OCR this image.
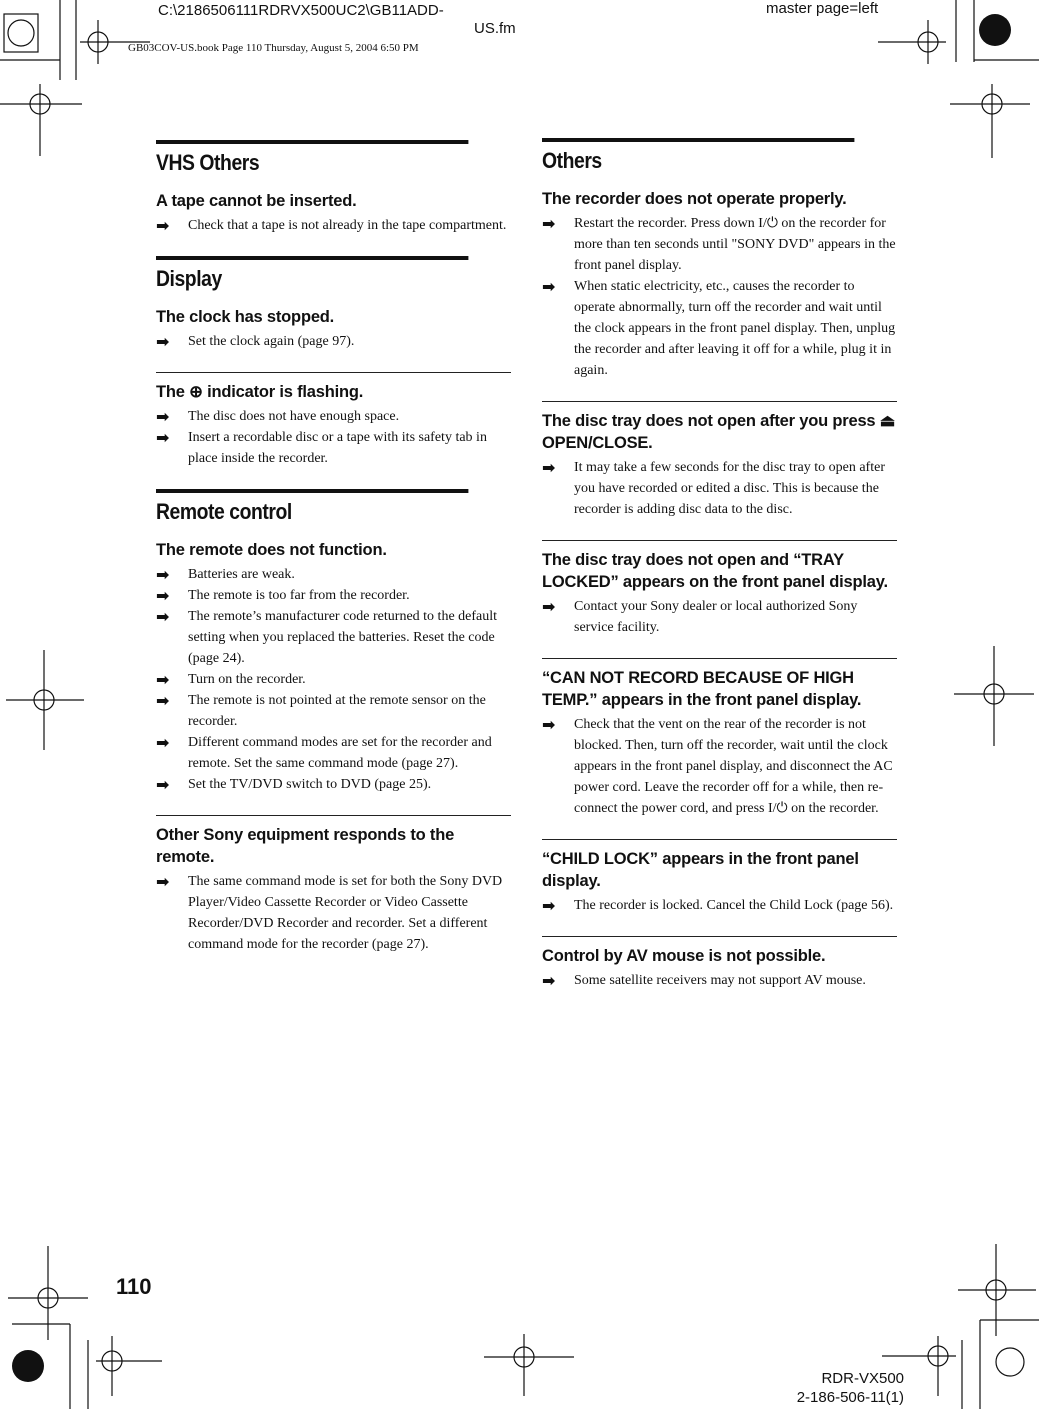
C:\2186506111RDRVX500UC2\GB11ADD-
US.fm
master page=left
GB03COV-US.book Page 110 Thursday, August 5, 2004 6:50 PM
VHS Others

A tape cannot be inserted.

➡ Check that a tape is not already in the tape compartment.

Display

The clock has stopped.

➡ Set the clock again (page 97).

The ⊕ indicator is flashing.

➡ The disc does not have enough space.

➡ Insert a recordable disc or a tape with its safety tab in place inside the recorder.

Remote control

The remote does not function.

➡ Batteries are weak.

➡ The remote is too far from the recorder.

➡ The remote’s manufacturer code returned to the default setting when you replaced the batteries. Reset the code (page 24).

➡ Turn on the recorder.

➡ The remote is not pointed at the remote sensor on the recorder.

➡ Different command modes are set for the recorder and remote. Set the same command mode (page 27).

➡ Set the TV/DVD switch to DVD (page 25).

Other Sony equipment responds to the remote.

➡ The same command mode is set for both the Sony DVD Player/Video Cassette Recorder or Video Cassette Recorder/DVD Recorder and recorder. Set a different command mode for the recorder (page 27).

Others

The recorder does not operate properly.

➡ Restart the recorder. Press down I/⏻ on the recorder for more than ten seconds until "SONY DVD" appears in the front panel display.

➡ When static electricity, etc., causes the recorder to operate abnormally, turn off the recorder and wait until the clock appears in the front panel display. Then, unplug the recorder and after leaving it off for a while, plug it in again.

The disc tray does not open after you press ⏏ OPEN/CLOSE.

➡ It may take a few seconds for the disc tray to open after you have recorded or edited a disc. This is because the recorder is adding disc data to the disc.

The disc tray does not open and “TRAY LOCKED” appears on the front panel display.

➡ Contact your Sony dealer or local authorized Sony service facility.

“CAN NOT RECORD BECAUSE OF HIGH TEMP.” appears in the front panel display.

➡ Check that the vent on the rear of the recorder is not blocked. Then, turn off the recorder, wait until the clock appears in the front panel display, and disconnect the AC power cord. Leave the recorder off for a while, then re-connect the power cord, and press I/⏻ on the recorder.

“CHILD LOCK” appears in the front panel display.

➡ The recorder is locked. Cancel the Child Lock (page 56).

Control by AV mouse is not possible.

➡ Some satellite receivers may not support AV mouse.

110
RDR-VX500
2-186-506-11(1)
